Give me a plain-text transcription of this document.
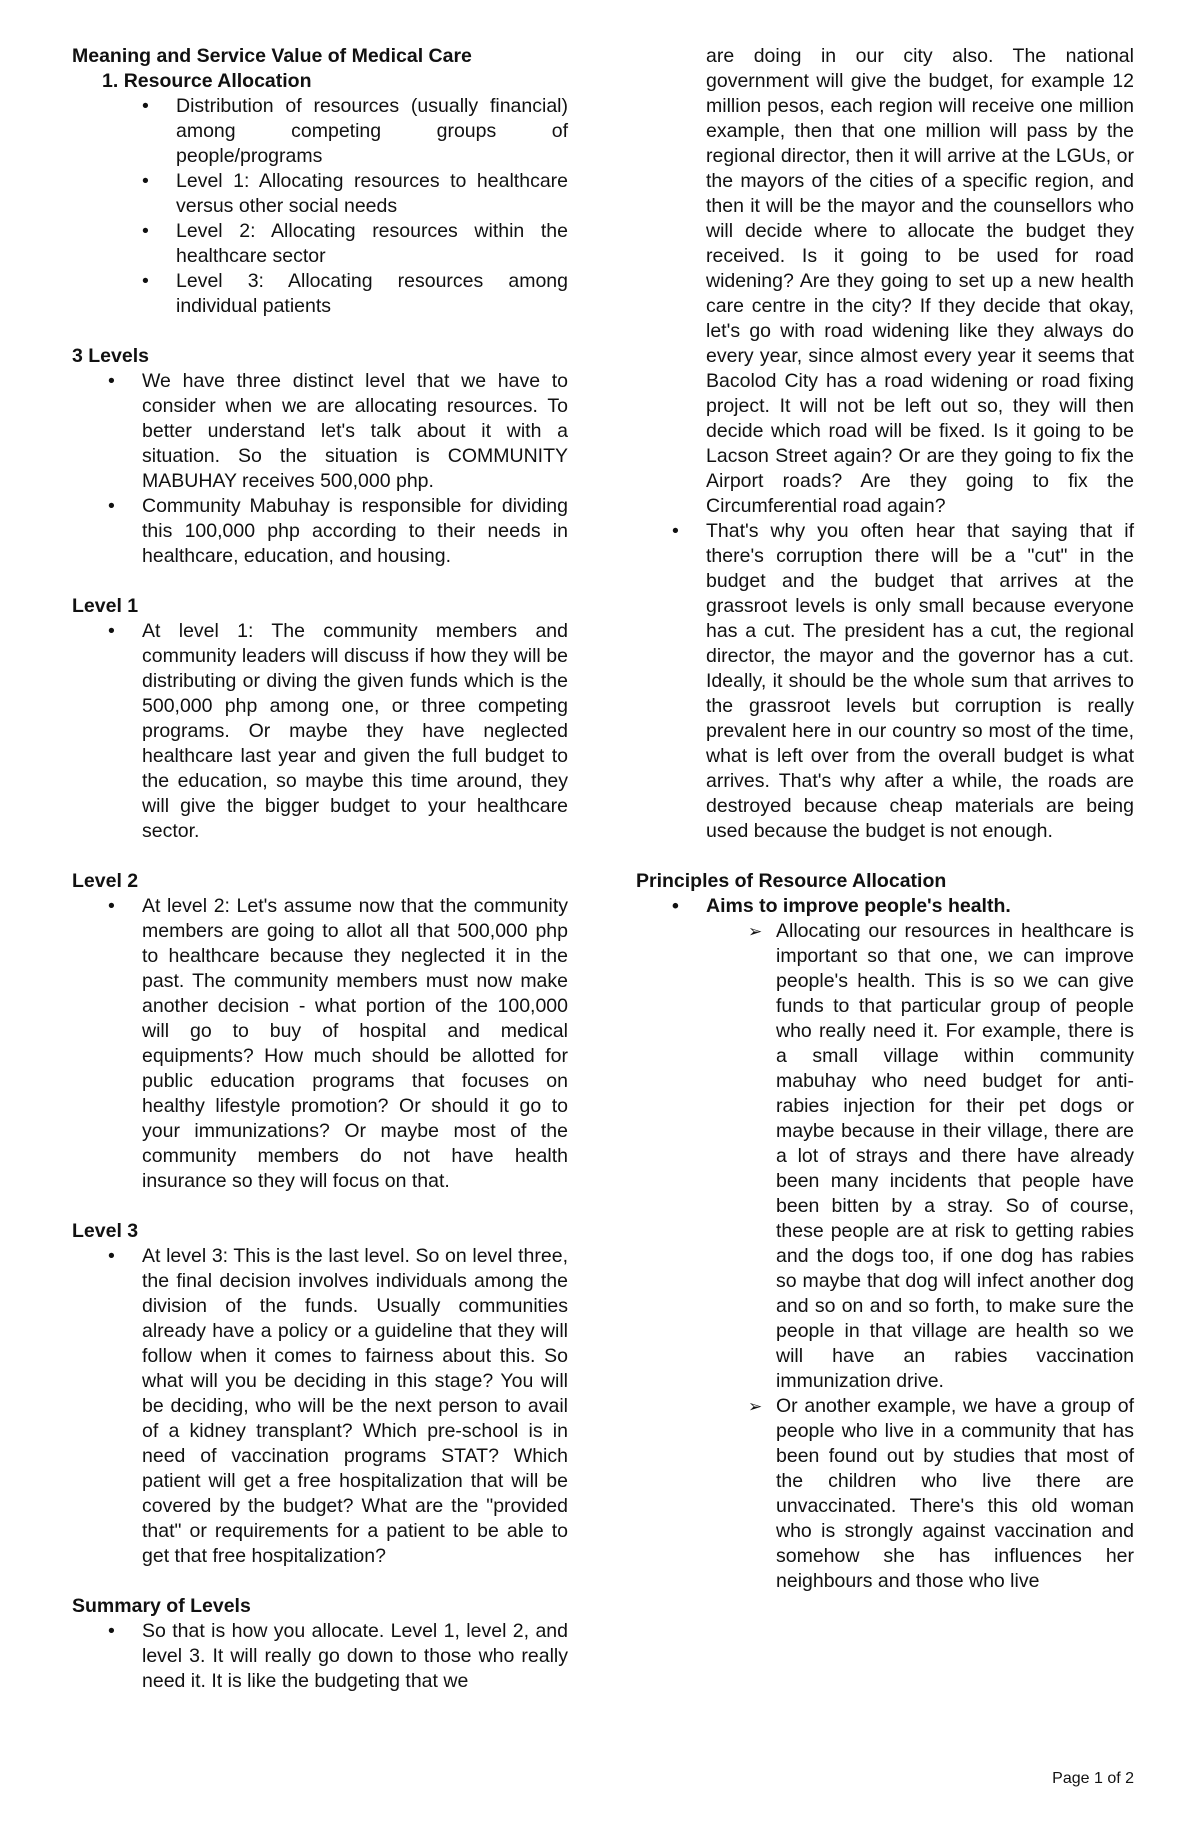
Meaning and Service Value of Medical Care

1. Resource Allocation
• Distribution of resources (usually financial) among competing groups of people/programs
• Level 1: Allocating resources to healthcare versus other social needs
• Level 2: Allocating resources within the healthcare sector
• Level 3: Allocating resources among individual patients

3 Levels

• We have three distinct level that we have to consider when we are allocating resources. To better understand let's talk about it with a situation. So the situation is COMMUNITY MABUHAY receives 500,000 php.
• Community Mabuhay is responsible for dividing this 100,000 php according to their needs in healthcare, education, and housing.

Level 1

• At level 1: The community members and community leaders will discuss if how they will be distributing or diving the given funds which is the 500,000 php among one, or three competing programs. Or maybe they have neglected healthcare last year and given the full budget to the education, so maybe this time around, they will give the bigger budget to your healthcare sector.

Level 2

• At level 2: Let's assume now that the community members are going to allot all that 500,000 php to healthcare because they neglected it in the past. The community members must now make another decision - what portion of the 100,000 will go to buy of hospital and medical equipments? How much should be allotted for public education programs that focuses on healthy lifestyle promotion? Or should it go to your immunizations? Or maybe most of the community members do not have health insurance so they will focus on that.

Level 3

• At level 3: This is the last level. So on level three, the final decision involves individuals among the division of the funds. Usually communities already have a policy or a guideline that they will follow when it comes to fairness about this. So what will you be deciding in this stage? You will be deciding, who will be the next person to avail of a kidney transplant? Which pre-school is in need of vaccination programs STAT? Which patient will get a free hospitalization that will be covered by the budget? What are the "provided that" or requirements for a patient to be able to get that free hospitalization?

Summary of Levels

• So that is how you allocate. Level 1, level 2, and level 3. It will really go down to those who really need it. It is like the budgeting that we
are doing in our city also. The national government will give the budget, for example 12 million pesos, each region will receive one million example, then that one million will pass by the regional director, then it will arrive at the LGUs, or the mayors of the cities of a specific region, and then it will be the mayor and the counsellors who will decide where to allocate the budget they received. Is it going to be used for road widening? Are they going to set up a new health care centre in the city? If they decide that okay, let's go with road widening like they always do every year, since almost every year it seems that Bacolod City has a road widening or road fixing project. It will not be left out so, they will then decide which road will be fixed. Is it going to be Lacson Street again? Or are they going to fix the Airport roads? Are they going to fix the Circumferential road again?
• That's why you often hear that saying that if there's corruption there will be a "cut" in the budget and the budget that arrives at the grassroot levels is only small because everyone has a cut. The president has a cut, the regional director, the mayor and the governor has a cut. Ideally, it should be the whole sum that arrives to the grassroot levels but corruption is really prevalent here in our country so most of the time, what is left over from the overall budget is what arrives. That's why after a while, the roads are destroyed because cheap materials are being used because the budget is not enough.

Principles of Resource Allocation

• Aims to improve people's health.
➢ Allocating our resources in healthcare is important so that one, we can improve people's health. This is so we can give funds to that particular group of people who really need it. For example, there is a small village within community mabuhay who need budget for anti-rabies injection for their pet dogs or maybe because in their village, there are a lot of strays and there have already been many incidents that people have been bitten by a stray. So of course, these people are at risk to getting rabies and the dogs too, if one dog has rabies so maybe that dog will infect another dog and so on and so forth, to make sure the people in that village are health so we will have an rabies vaccination immunization drive.
➢ Or another example, we have a group of people who live in a community that has been found out by studies that most of the children who live there are unvaccinated. There's this old woman who is strongly against vaccination and somehow she has influences her neighbours and those who live
Page 1 of 2
